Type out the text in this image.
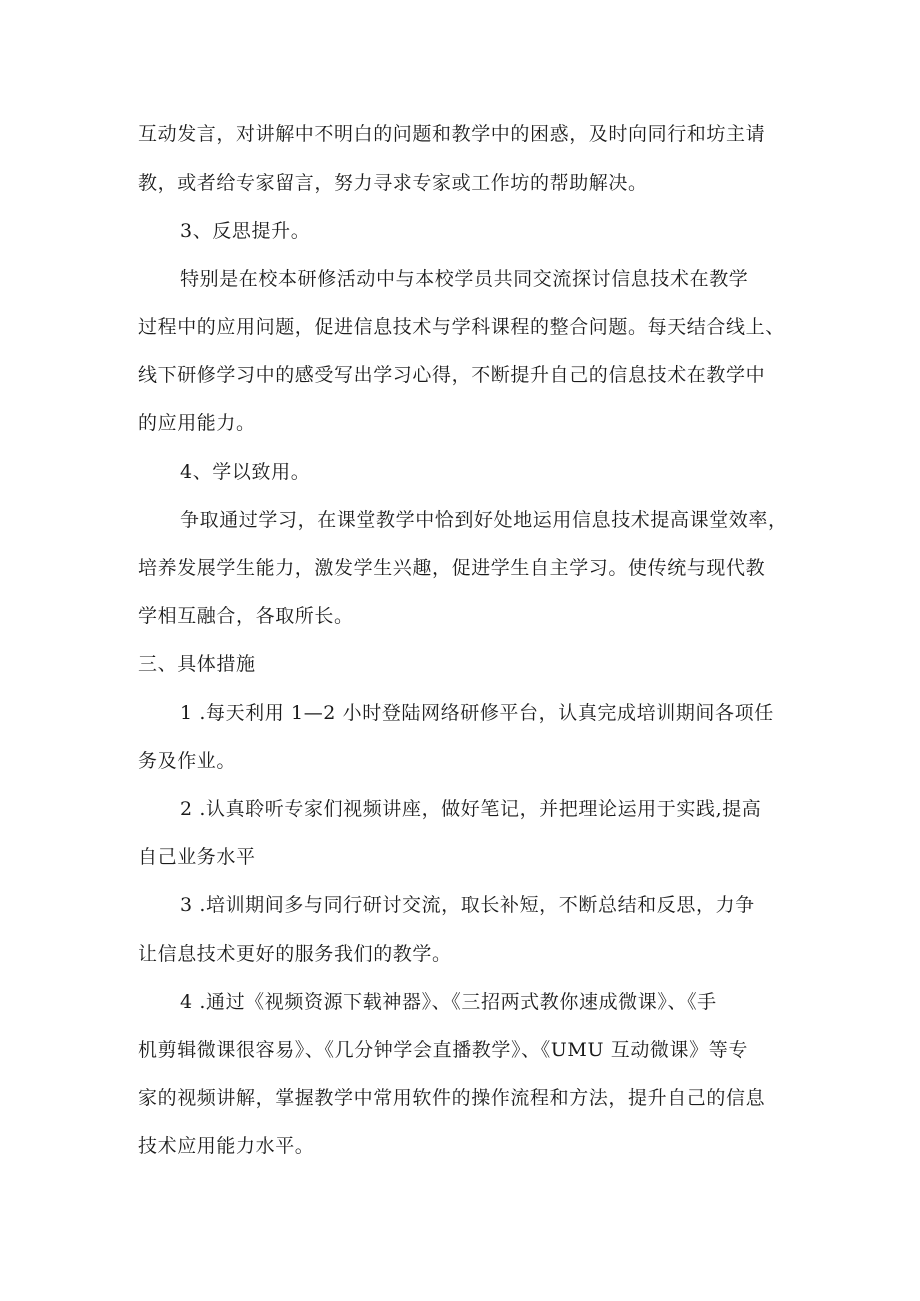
互动发言，对讲解中不明白的问题和教学中的困惑，及时向同行和坊主请
教，或者给专家留言，努力寻求专家或工作坊的帮助解决。
3、反思提升。
特别是在校本研修活动中与本校学员共同交流探讨信息技术在教学
过程中的应用问题，促进信息技术与学科课程的整合问题。每天结合线上、
线下研修学习中的感受写出学习心得，不断提升自己的信息技术在教学中
的应用能力。
4、学以致用。
争取通过学习，在课堂教学中恰到好处地运用信息技术提高课堂效率，
培养发展学生能力，激发学生兴趣，促进学生自主学习。使传统与现代教
学相互融合，各取所长。
三、具体措施
1 .每天利用 1—2 小时登陆网络研修平台，认真完成培训期间各项任
务及作业。
2 .认真聆听专家们视频讲座，做好笔记，并把理论运用于实践,提高
自己业务水平
3 .培训期间多与同行研讨交流，取长补短，不断总结和反思，力争
让信息技术更好的服务我们的教学。
4 .通过《视频资源下载神器》、《三招两式教你速成微课》、《手
机剪辑微课很容易》、《几分钟学会直播教学》、《UMU 互动微课》等专
家的视频讲解，掌握教学中常用软件的操作流程和方法，提升自己的信息
技术应用能力水平。
